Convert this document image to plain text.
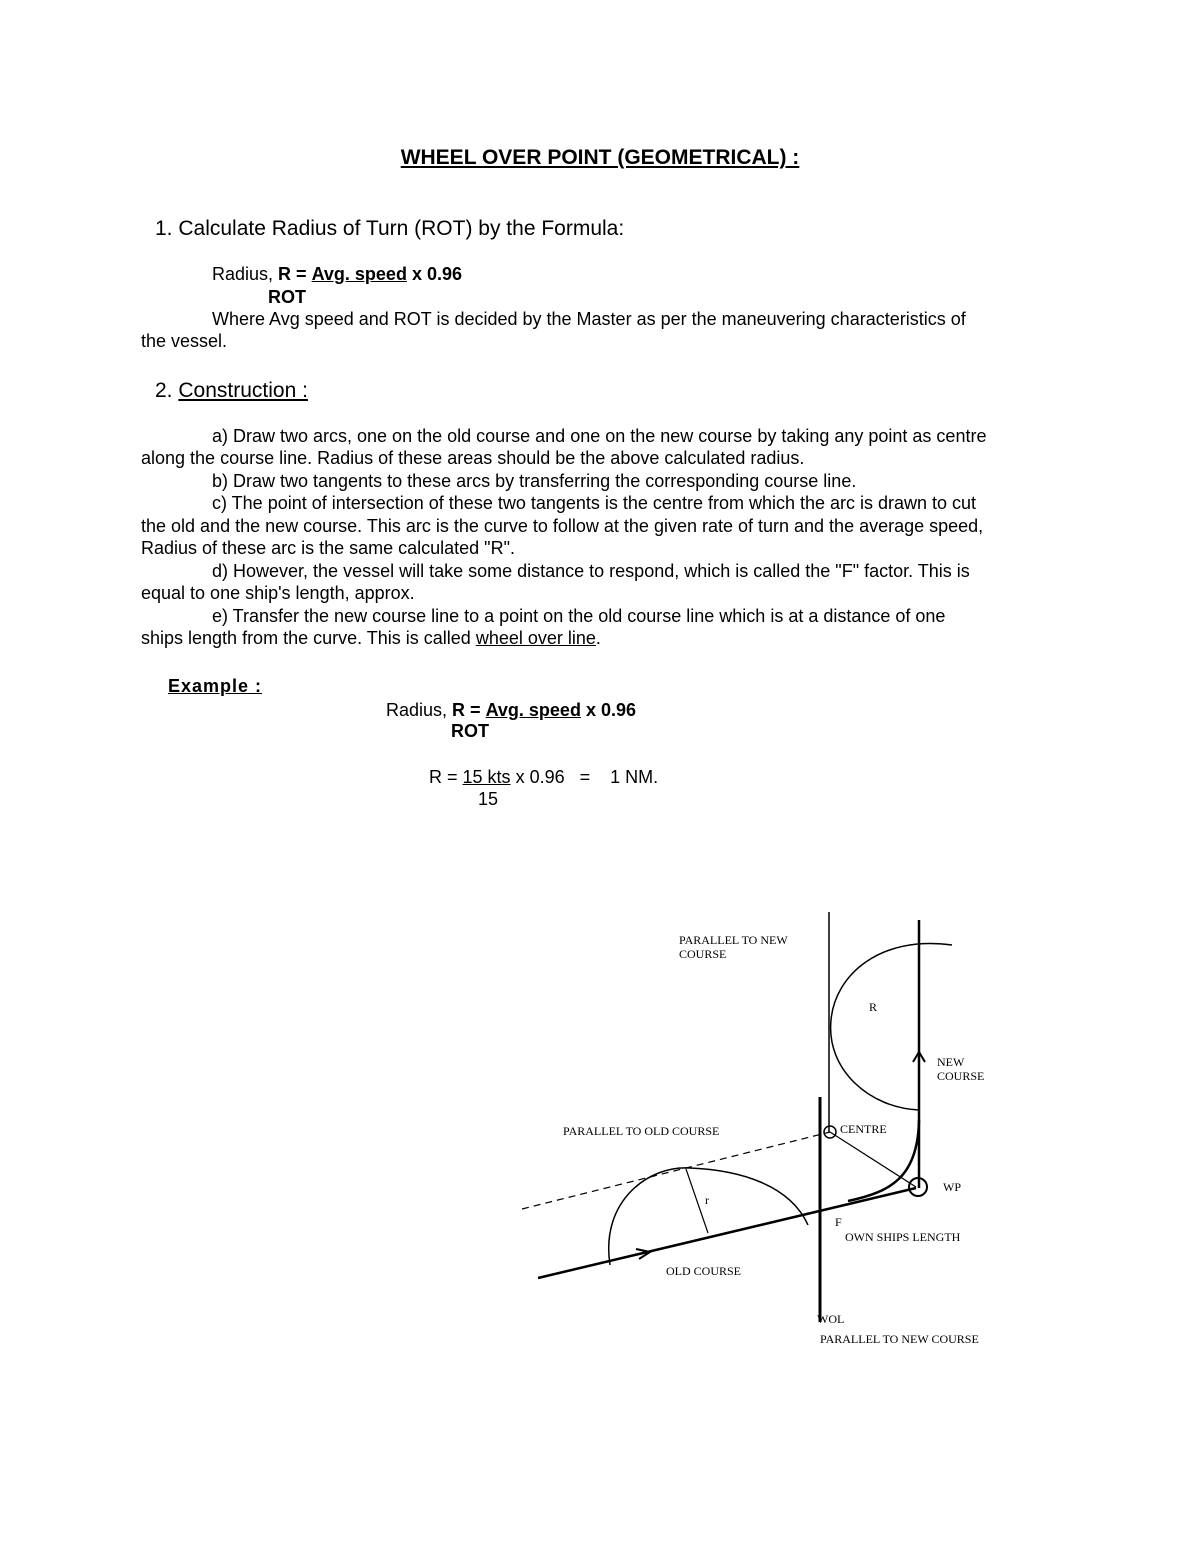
WHEEL OVER POINT (GEOMETRICAL) :
1. Calculate Radius of Turn (ROT) by the Formula:
Radius, R = Avg. speed x 0.96
ROT
Where Avg speed and ROT is decided by the Master as per the maneuvering characteristics of
the vessel.
2. Construction :
a) Draw two arcs, one on the old course and one on the new course by taking any point as centre
along the course line. Radius of these areas should be the above calculated radius.
b) Draw two tangents to these arcs by transferring the corresponding course line.
c) The point of intersection of these two tangents is the centre from which the arc is drawn to cut
the old and the new course. This arc is the curve to follow at the given rate of turn and the average speed,
Radius of these arc is the same calculated "R".
d) However, the vessel will take some distance to respond, which is called the "F" factor. This is
equal to one ship's length, approx.
e) Transfer the new course line to a point on the old course line which is at a distance of one
ships length from the curve. This is called wheel over line.
Example :
Radius, R = Avg. speed x 0.96
ROT
R = 15 kts x 0.96   =    1 NM.
15
PARALLEL TO NEW
COURSE
R
NEW
COURSE
PARALLEL TO OLD COURSE	CENTRE
WP
r
F
OWN SHIPS LENGTH
OLD COURSE
WOL
PARALLEL TO NEW COURSE
